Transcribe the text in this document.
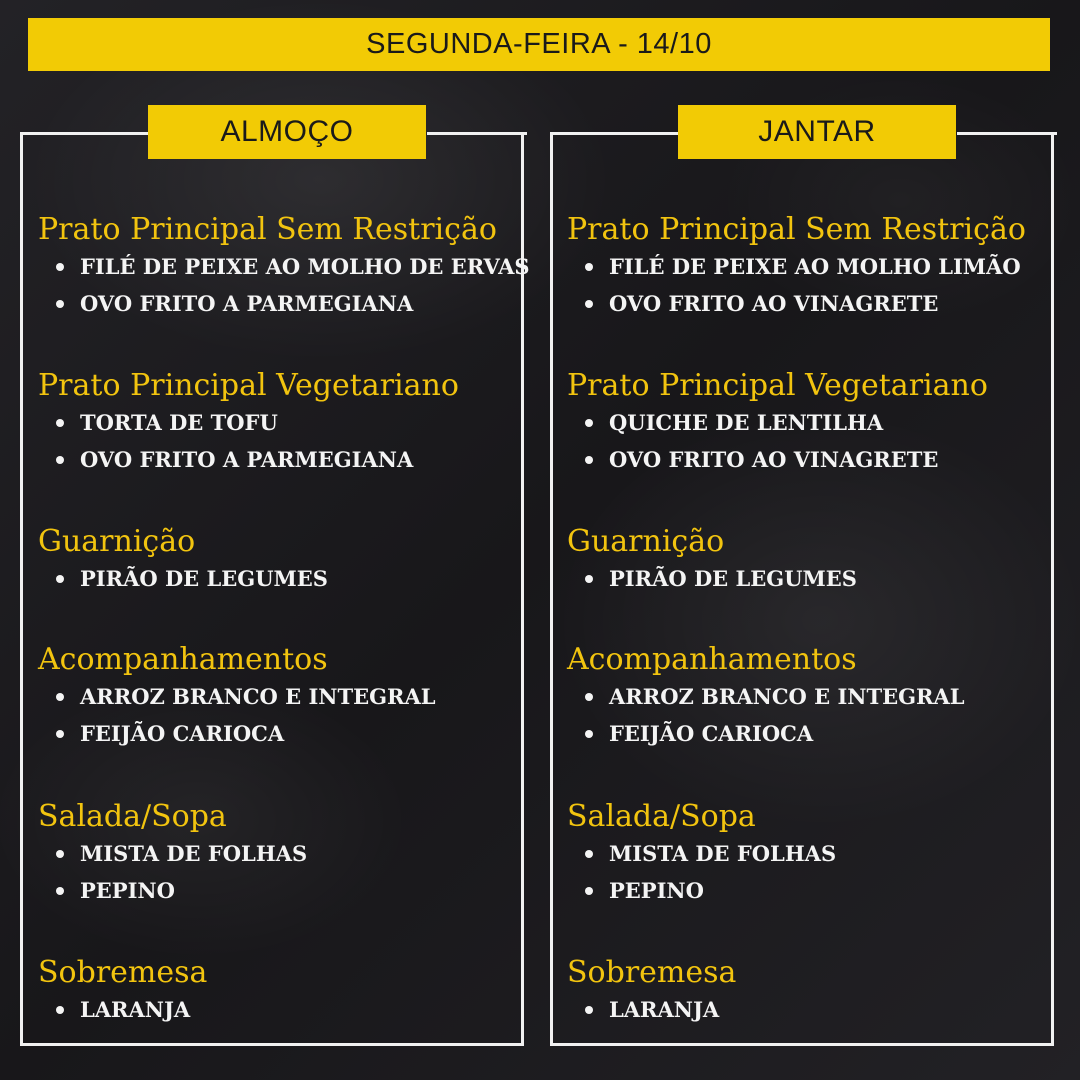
SEGUNDA-FEIRA - 14/10
ALMOÇO

Prato Principal Sem Restrição

FILÉ DE PEIXE AO MOLHO DE ERVAS
OVO FRITO A PARMEGIANA

Prato Principal Vegetariano

TORTA DE TOFU
OVO FRITO A PARMEGIANA

Guarnição

PIRÃO DE LEGUMES

Acompanhamentos

ARROZ BRANCO E INTEGRAL
FEIJÃO CARIOCA

Salada/Sopa

MISTA DE FOLHAS
PEPINO

Sobremesa

LARANJA
JANTAR

Prato Principal Sem Restrição

FILÉ DE PEIXE AO MOLHO LIMÃO
OVO FRITO AO VINAGRETE

Prato Principal Vegetariano

QUICHE DE LENTILHA
OVO FRITO AO VINAGRETE

Guarnição

PIRÃO DE LEGUMES

Acompanhamentos

ARROZ BRANCO E INTEGRAL
FEIJÃO CARIOCA

Salada/Sopa

MISTA DE FOLHAS
PEPINO

Sobremesa

LARANJA
